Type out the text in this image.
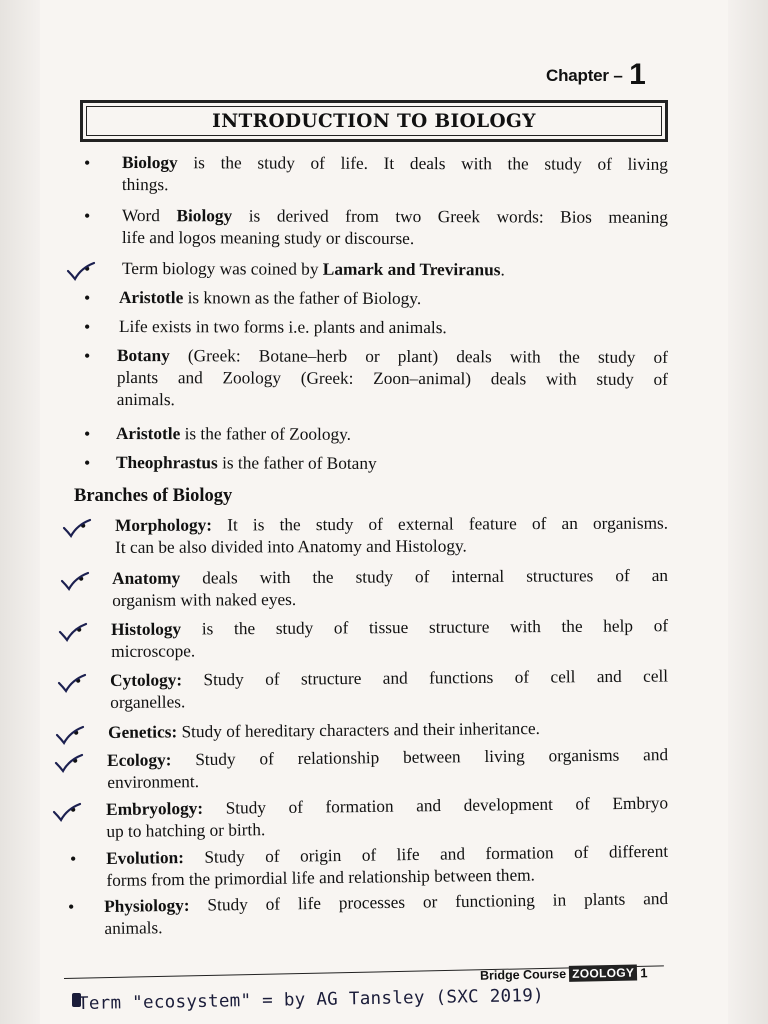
Chapter – 1
INTRODUCTION TO BIOLOGY
Biology is the study of life. It deals with the study of living
things.
•
Word Biology is derived from two Greek words: Bios meaning
life and logos meaning study or discourse.
•
Term biology was coined by Lamark and Treviranus.
•
Aristotle is known as the father of Biology.
•
Life exists in two forms i.e. plants and animals.
•
Botany (Greek: Botane–herb or plant) deals with the study of
plants and Zoology (Greek: Zoon–animal) deals with study of
animals.
•
Aristotle is the father of Zoology.
•
Theophrastus is the father of Botany
•
Branches of Biology
Morphology: It is the study of external feature of an organisms.
It can be also divided into Anatomy and Histology.
•
Anatomy deals with the study of internal structures of an
organism with naked eyes.
•
Histology is the study of tissue structure with the help of
microscope.
•
Cytology: Study of structure and functions of cell and cell
organelles.
•
Genetics: Study of hereditary characters and their inheritance.
•
Ecology: Study of relationship between living organisms and
environment.
•
Embryology: Study of formation and development of Embryo
up to hatching or birth.
•
Evolution: Study of origin of life and formation of different
forms from the primordial life and relationship between them.
•
Physiology: Study of life processes or functioning in plants and
animals.
•
Bridge Course ZOOLOGY 1
Term "ecosystem" = by AG Tansley (SXC 2019)
